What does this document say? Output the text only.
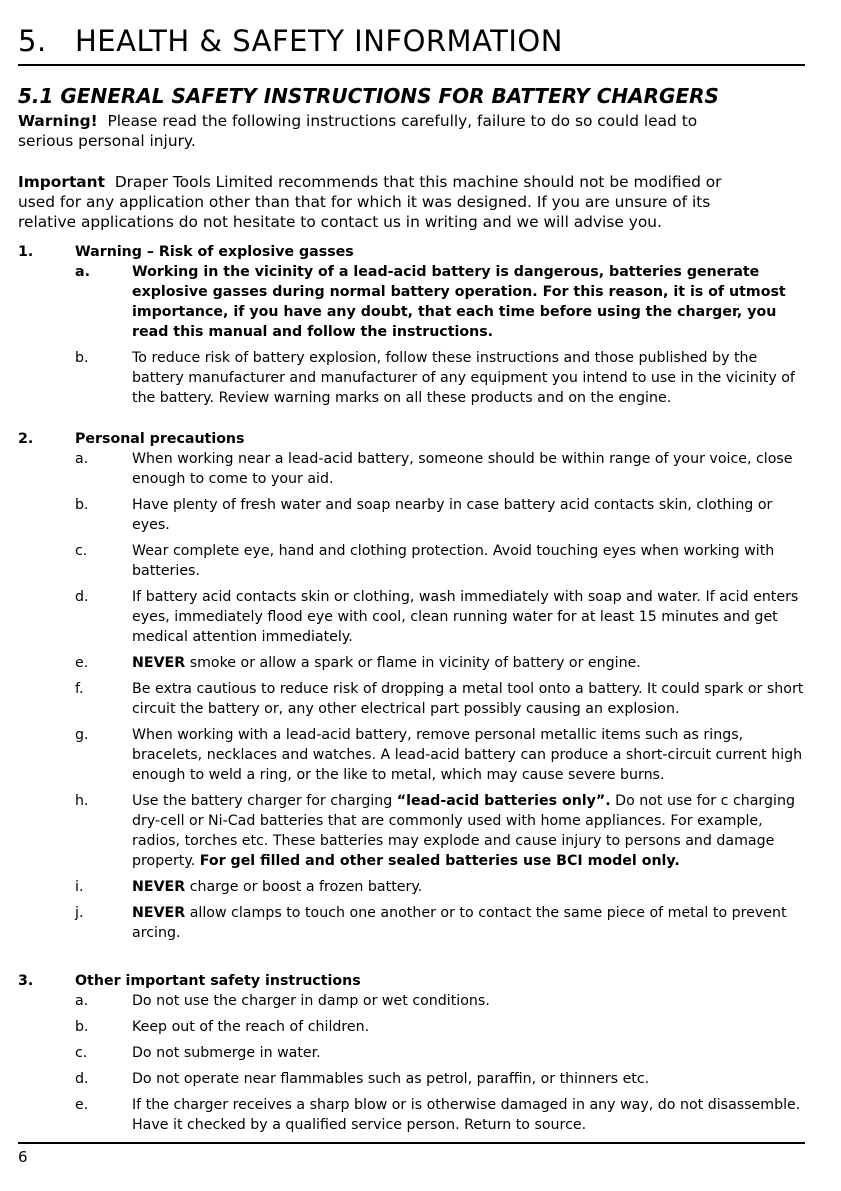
5. HEALTH & SAFETY INFORMATION
5.1 GENERAL SAFETY INSTRUCTIONS FOR BATTERY CHARGERS
Warning! Please read the following instructions carefully, failure to do so could lead to
serious personal injury.
Important Draper Tools Limited recommends that this machine should not be modified or
used for any application other than that for which it was designed. If you are unsure of its
relative applications do not hesitate to contact us in writing and we will advise you.
1.	Warning – Risk of explosive gasses
a.	Working in the vicinity of a lead-acid battery is dangerous, batteries generate explosive gasses during normal battery operation. For this reason, it is of utmost importance, if you have any doubt, that each time before using the charger, you read this manual and follow the instructions.
b.	To reduce risk of battery explosion, follow these instructions and those published by the battery manufacturer and manufacturer of any equipment you intend to use in the vicinity of the battery. Review warning marks on all these products and on the engine.
2.	Personal precautions
a.	When working near a lead-acid battery, someone should be within range of your voice, close enough to come to your aid.
b.	Have plenty of fresh water and soap nearby in case battery acid contacts skin, clothing or eyes.
c.	Wear complete eye, hand and clothing protection. Avoid touching eyes when working with batteries.
d.	If battery acid contacts skin or clothing, wash immediately with soap and water. If acid enters eyes, immediately flood eye with cool, clean running water for at least 15 minutes and get medical attention immediately.
e.	NEVER smoke or allow a spark or flame in vicinity of battery or engine.
f.	Be extra cautious to reduce risk of dropping a metal tool onto a battery. It could spark or short circuit the battery or, any other electrical part possibly causing an explosion.
g.	When working with a lead-acid battery, remove personal metallic items such as rings, bracelets, necklaces and watches. A lead-acid battery can produce a short-circuit current high enough to weld a ring, or the like to metal, which may cause severe burns.
h.	Use the battery charger for charging “lead-acid batteries only”. Do not use for c charging dry-cell or Ni-Cad batteries that are commonly used with home appliances. For example, radios, torches etc. These batteries may explode and cause injury to persons and damage property. For gel filled and other sealed batteries use BCI model only.
i.	NEVER charge or boost a frozen battery.
j.	NEVER allow clamps to touch one another or to contact the same piece of metal to prevent arcing.
3.	Other important safety instructions
a.	Do not use the charger in damp or wet conditions.
b.	Keep out of the reach of children.
c.	Do not submerge in water.
d.	Do not operate near flammables such as petrol, paraffin, or thinners etc.
e.	If the charger receives a sharp blow or is otherwise damaged in any way, do not disassemble. Have it checked by a qualified service person. Return to source.
6
